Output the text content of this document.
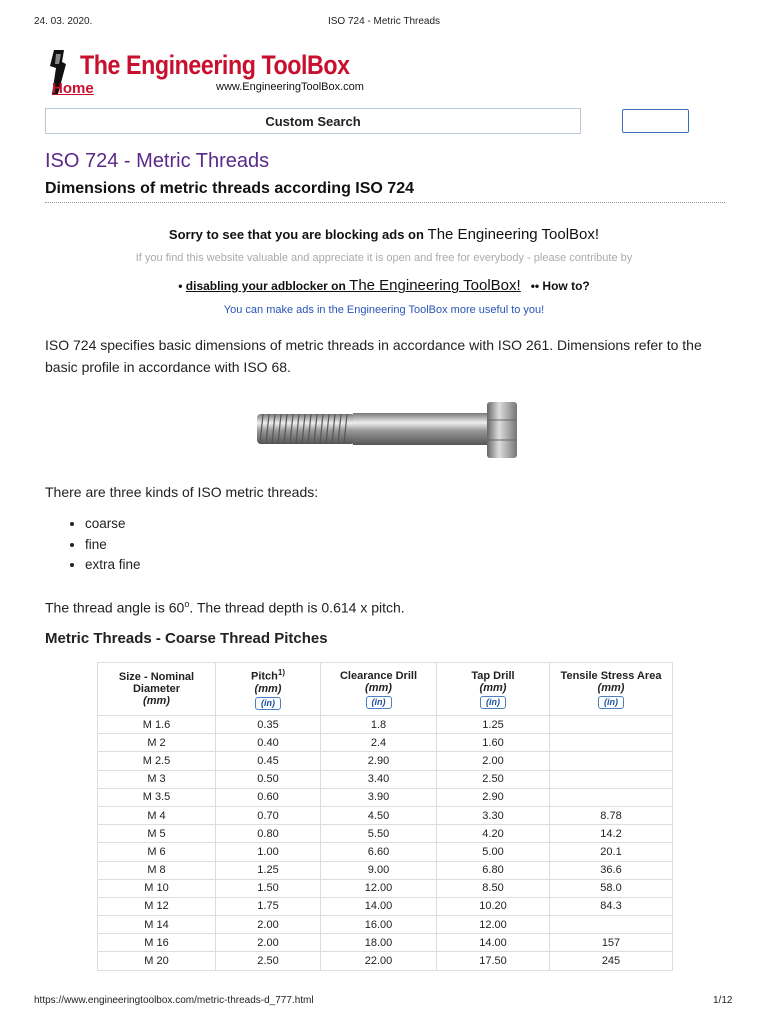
24. 03. 2020.	ISO 724 - Metric Threads
The Engineering ToolBox
Home	www.EngineeringToolBox.com
Custom Search
ISO 724 - Metric Threads
Dimensions of metric threads according ISO 724
Sorry to see that you are blocking ads on The Engineering ToolBox!
If you find this website valuable and appreciate it is open and free for everybody - please contribute by
• disabling your adblocker on The Engineering ToolBox! •• How to?
You can make ads in the Engineering ToolBox more useful to you!
ISO 724 specifies basic dimensions of metric threads in accordance with ISO 261. Dimensions refer to the basic profile in accordance with ISO 68.
There are three kinds of ISO metric threads:
• coarse
• fine
• extra fine
The thread angle is 60$^o$. The thread depth is 0.614 x pitch.
Metric Threads - Coarse Thread Pitches
Size - Nominal Diameter
(mm)	Pitch$^{1)}$
(mm)
(in)	Clearance Drill
(mm)
(in)	Tap Drill
(mm)
(in)	Tensile Stress Area
(mm)
(in)
M 1.6	0.35	1.8	1.25	
M 2	0.40	2.4	1.60	
M 2.5	0.45	2.90	2.00	
M 3	0.50	3.40	2.50	
M 3.5	0.60	3.90	2.90	
M 4	0.70	4.50	3.30	8.78
M 5	0.80	5.50	4.20	14.2
M 6	1.00	6.60	5.00	20.1
M 8	1.25	9.00	6.80	36.6
M 10	1.50	12.00	8.50	58.0
M 12	1.75	14.00	10.20	84.3
M 14	2.00	16.00	12.00	
M 16	2.00	18.00	14.00	157
M 20	2.50	22.00	17.50	245
https://www.engineeringtoolbox.com/metric-threads-d_777.html	1/12
